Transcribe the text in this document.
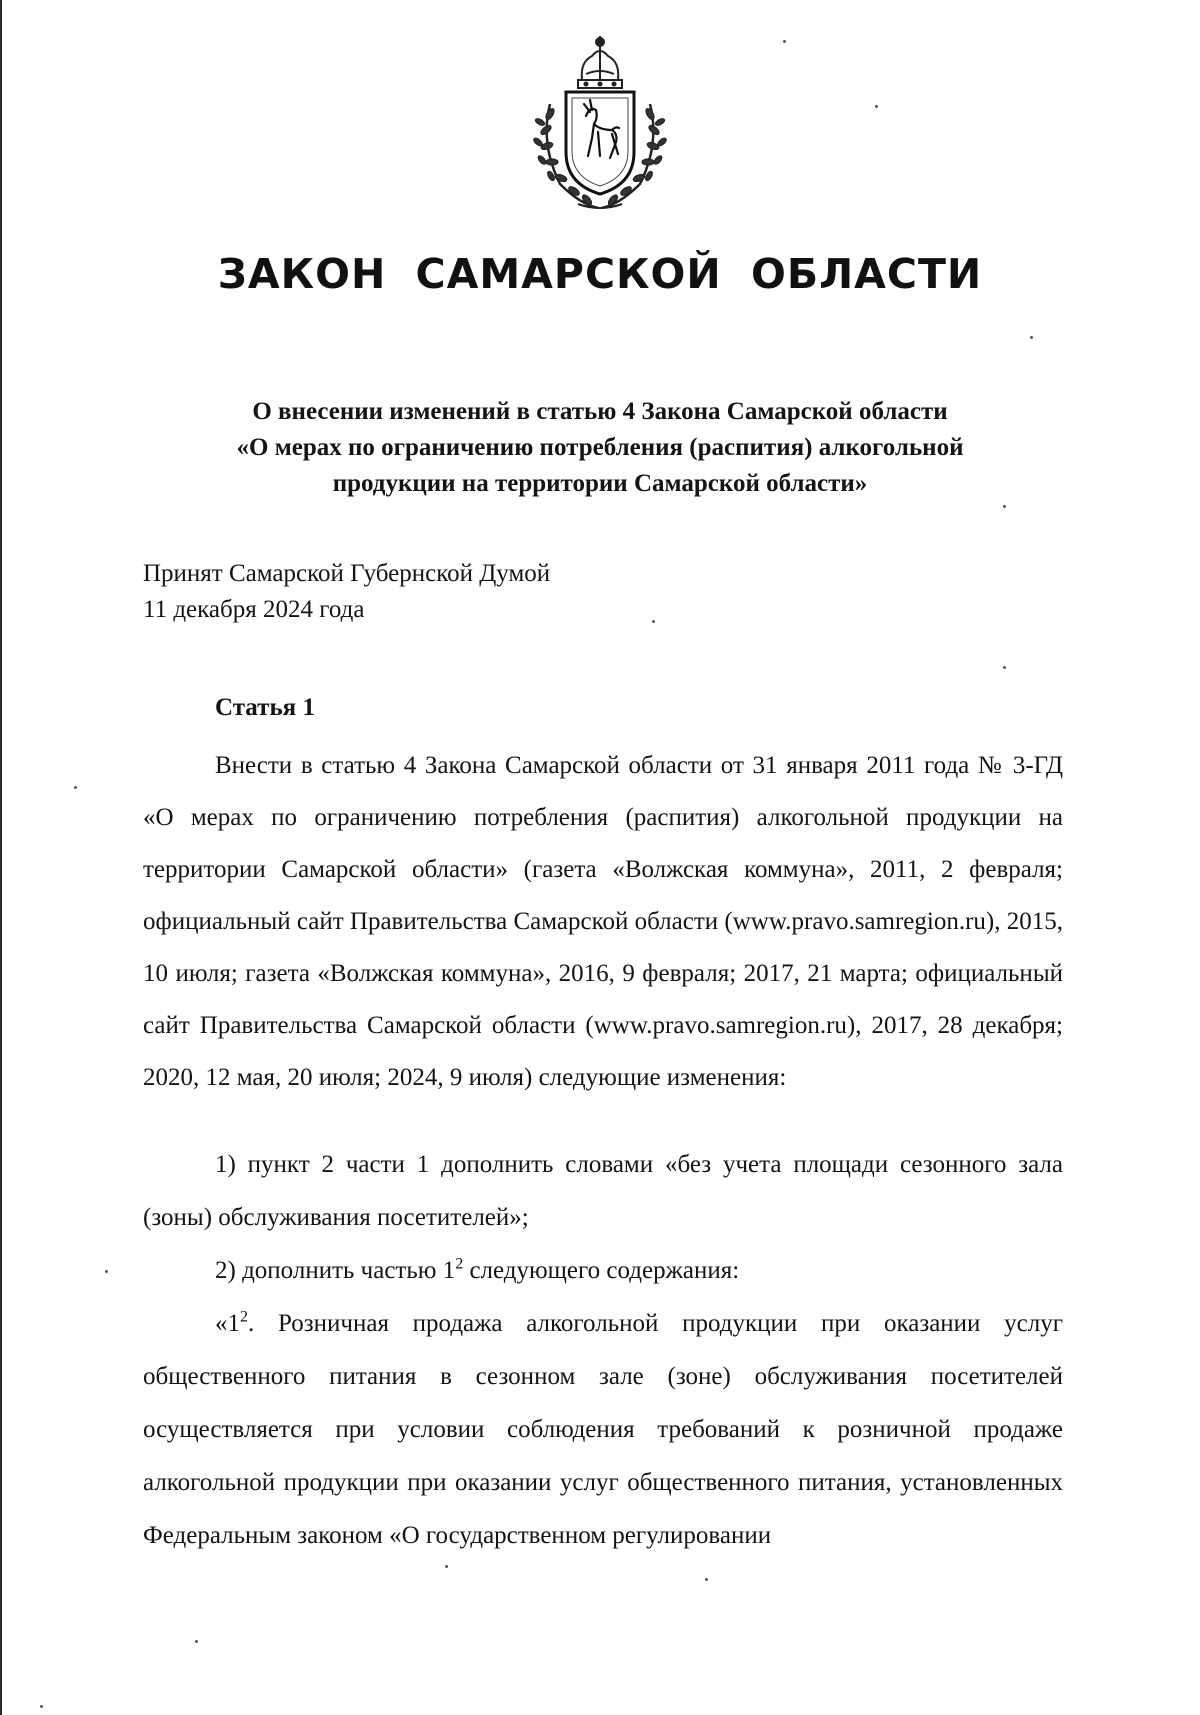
ЗАКОН САМАРСКОЙ ОБЛАСТИ
О внесении изменений в статью 4 Закона Самарской области
«О мерах по ограничению потребления (распития) алкогольной
продукции на территории Самарской области»
Принят Самарской Губернской Думой
11 декабря 2024 года
Статья 1
Внести в статью 4 Закона Самарской области от 31 января 2011 года № 3-ГД «О мерах по ограничению потребления (распития) алкогольной продукции на территории Самарской области» (газета «Волжская коммуна», 2011, 2 февраля; официальный сайт Правительства Самарской области (www.pravo.samregion.ru), 2015, 10 июля; газета «Волжская коммуна», 2016, 9 февраля; 2017, 21 марта; официальный сайт Правительства Самарской области (www.pravo.samregion.ru), 2017, 28 декабря; 2020, 12 мая, 20 июля; 2024, 9 июля) следующие изменения:
1) пункт 2 части 1 дополнить словами «без учета площади сезонного зала (зоны) обслуживания посетителей»;
2) дополнить частью $1^2$ следующего содержания:
«$1^2$. Розничная продажа алкогольной продукции при оказании услуг общественного питания в сезонном зале (зоне) обслуживания посетителей осуществляется при условии соблюдения требований к розничной продаже алкогольной продукции при оказании услуг общественного питания, установленных Федеральным законом «О государственном регулировании
